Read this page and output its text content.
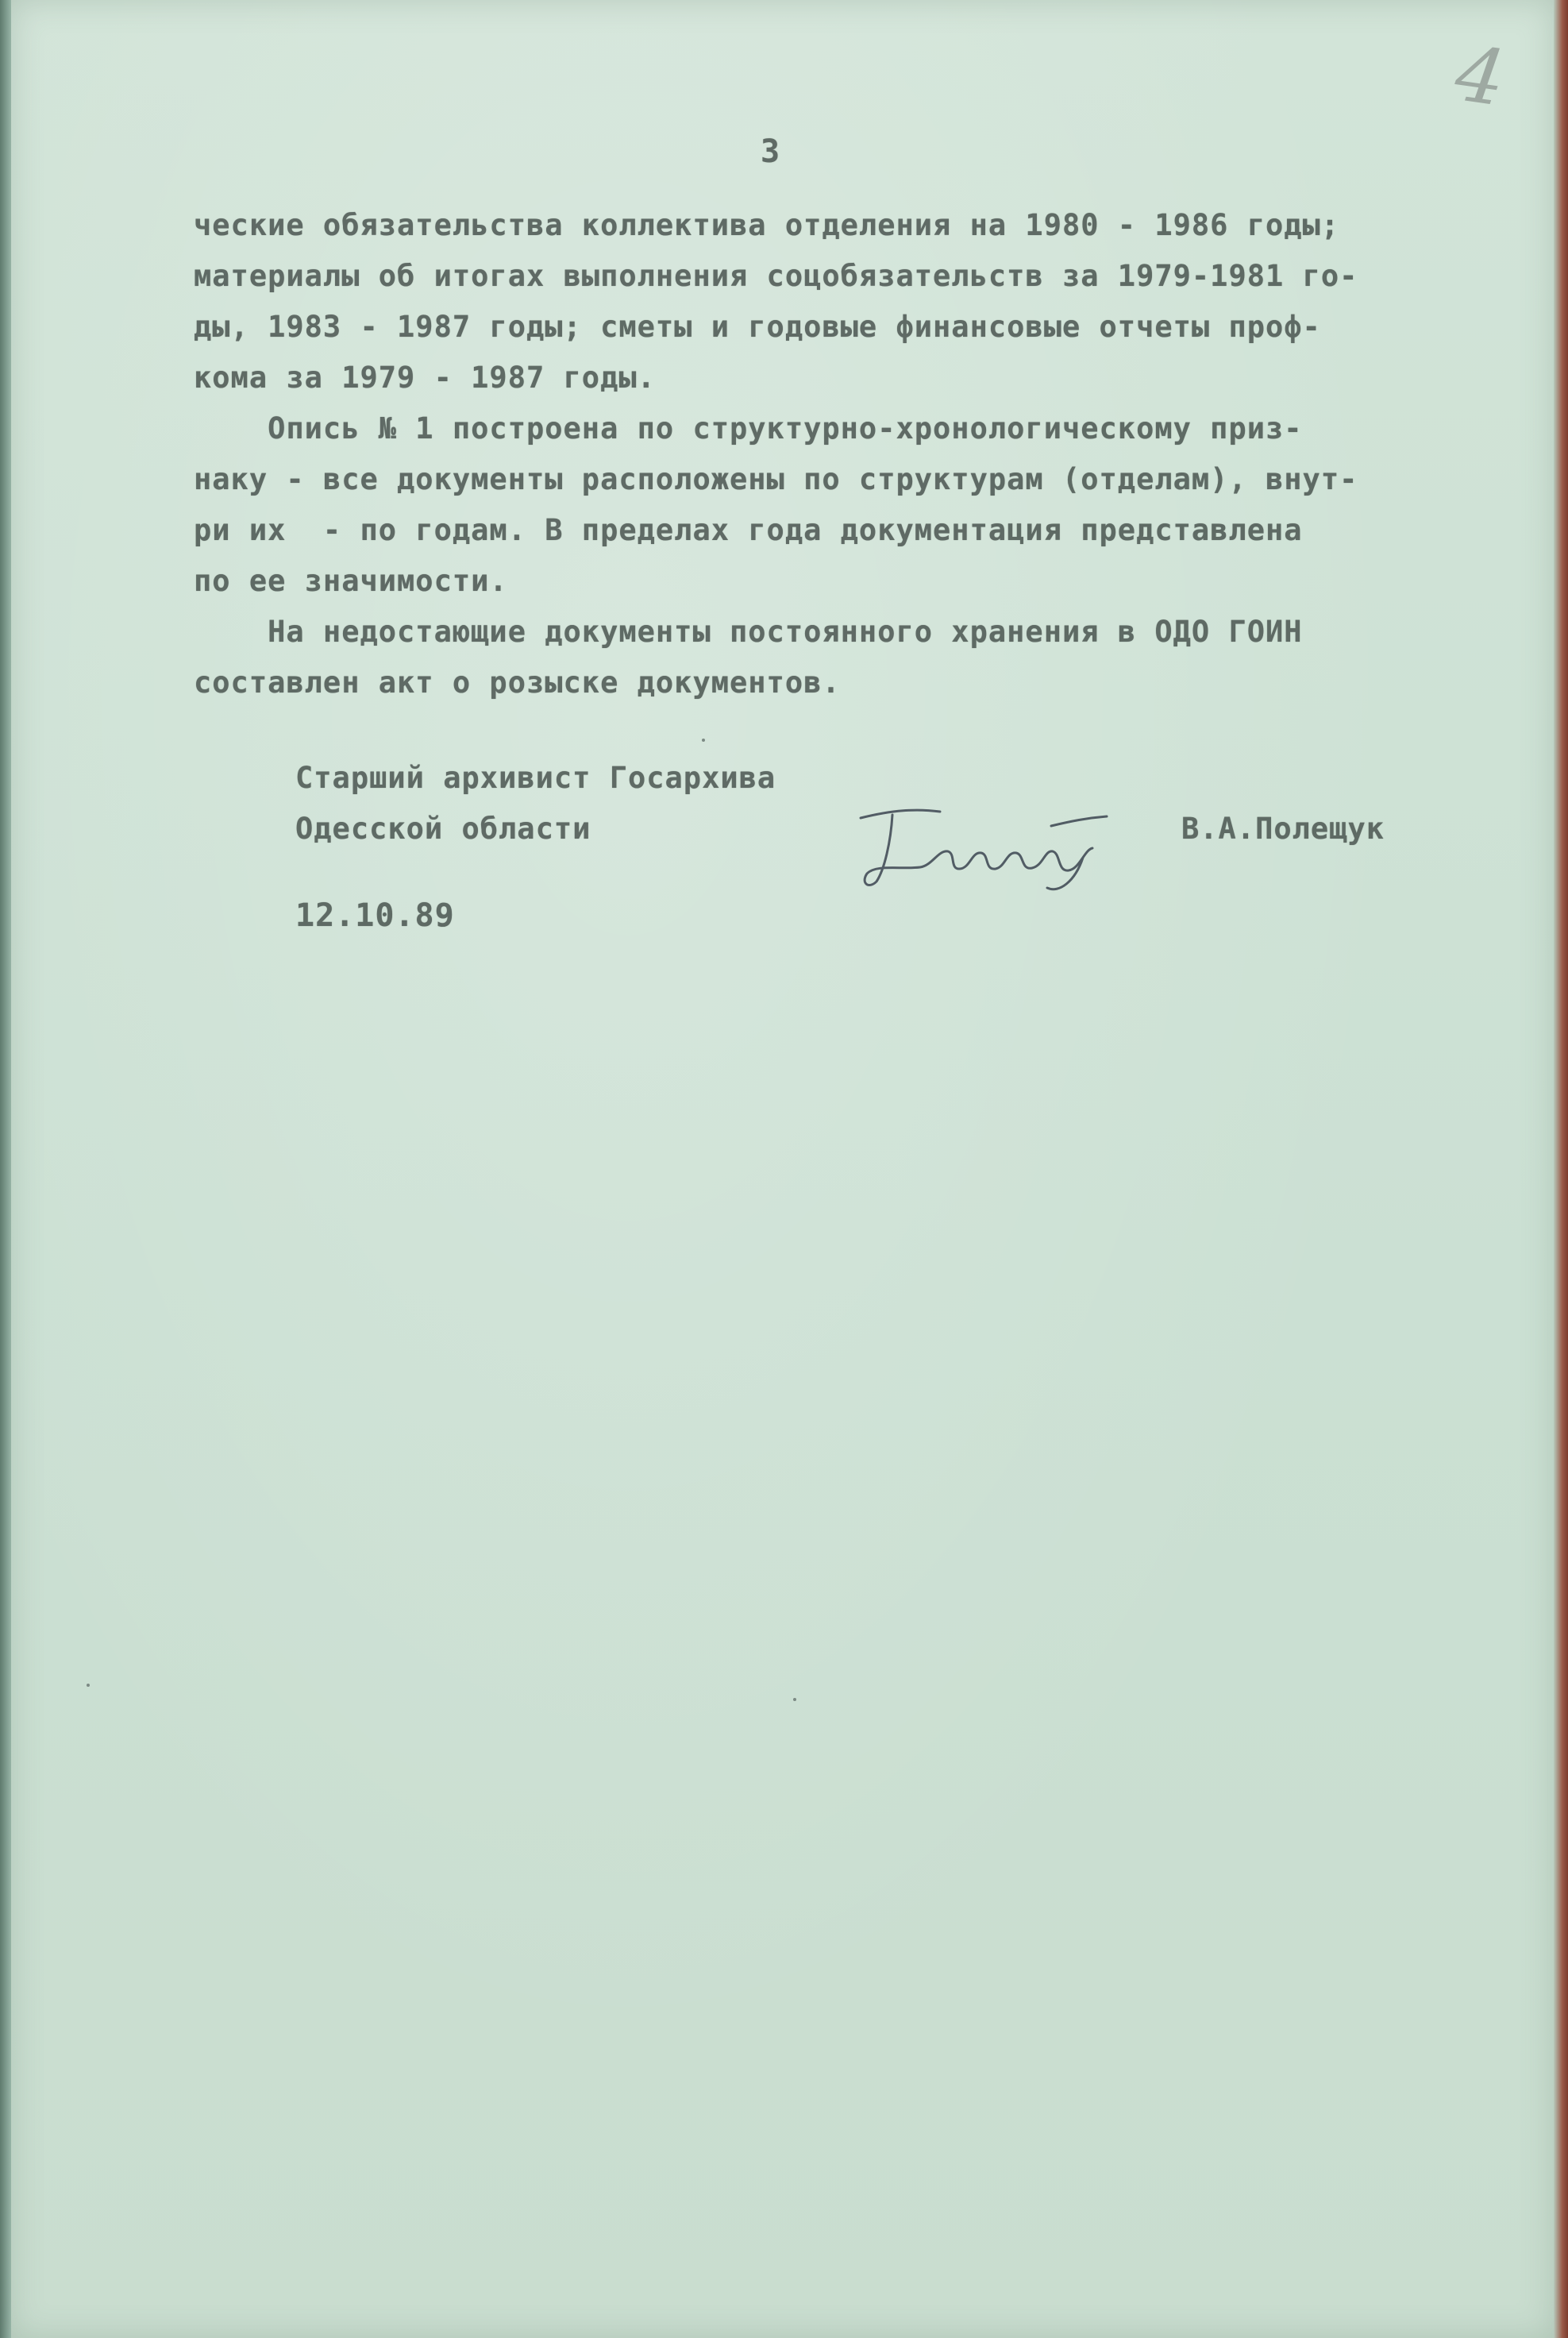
4
3
ческие обязательства коллектива отделения на 1980 - 1986 годы;
материалы об итогах выполнения соцобязательств за 1979-1981 го-
ды, 1983 - 1987 годы; сметы и годовые финансовые отчеты проф-
кома за 1979 - 1987 годы.
Опись № 1 построена по структурно-хронологическому приз-
наку - все документы расположены по структурам (отделам), внут-
ри их  - по годам. В пределах года документация представлена
по ее значимости.
На недостающие документы постоянного хранения в ОДО ГОИН
составлен акт о розыске документов.
Старший архивист Госархива
Одесской области	В.А.Полещук
12.10.89
